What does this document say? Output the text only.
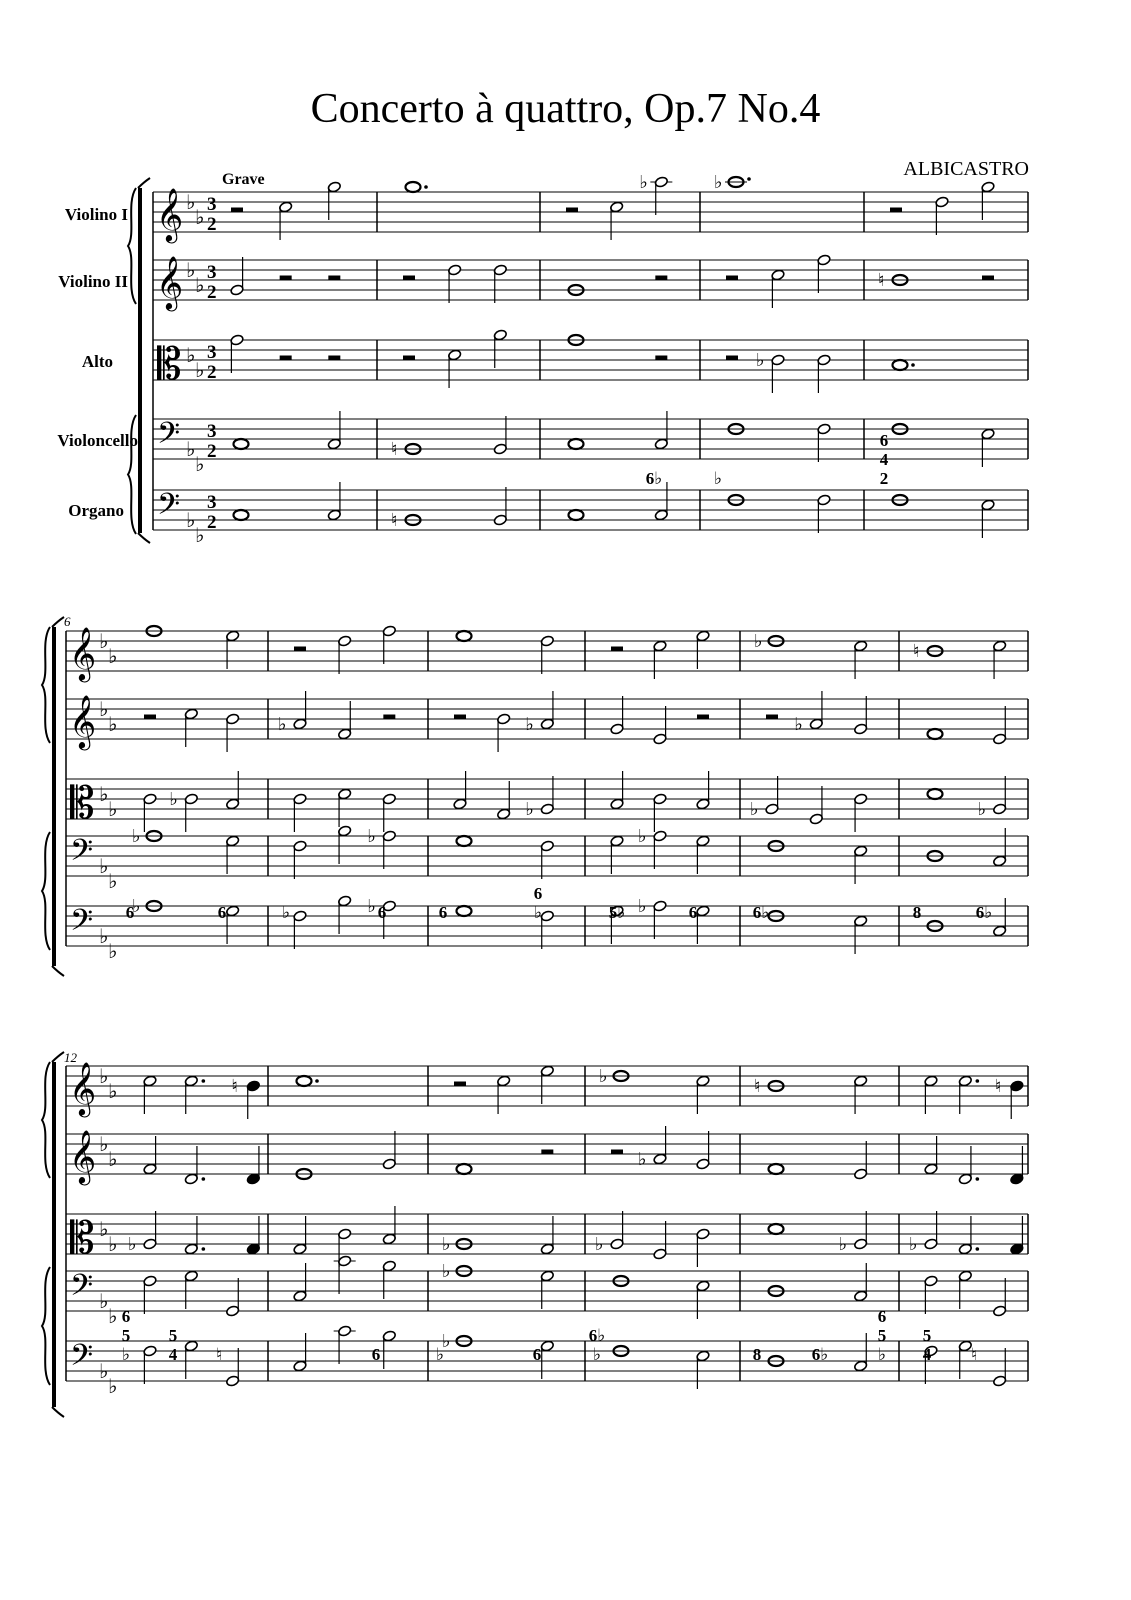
Concerto à quattro, Op.7 No.4
ALBICASTRO
Violino I
Violino II
Alto
Violoncello
Organo
Grave
6
12
𝄞 ♭
♭
3
2
♭	♭
𝄞 ♭
♭
3
2
♮
𝄡 ♭
♭
3
2
♭
𝄢 ♭
♭
3
2	♮
𝄢 ♭
♭
3
2	♮
𝄞 ♭
♭
♭	♮
𝄞 ♭
♭	♭	♭	♭
𝄡 ♭
♭	♭	♭	♭	♭
𝄢 ♭
♭
♭	♭	♭
𝄢 ♭
♭
♭	♭	♭
𝄞 ♭
♭	♮	♭	♮	♮
𝄞 ♭
♭	♭
𝄡 ♭
♭ ♭	♭	♭	♭	♭
𝄢 ♭
♭
♭
𝄢 ♭
♭
♭
6♭	♭
6
4
2
6	6	♭	6	6
6
♭	5♭	6	6♭	8	6♭
6
5
♭
5
4 ♮	6	♭	6
6♭
♭	8	6♭
6
5
♭
5
4 ♮
